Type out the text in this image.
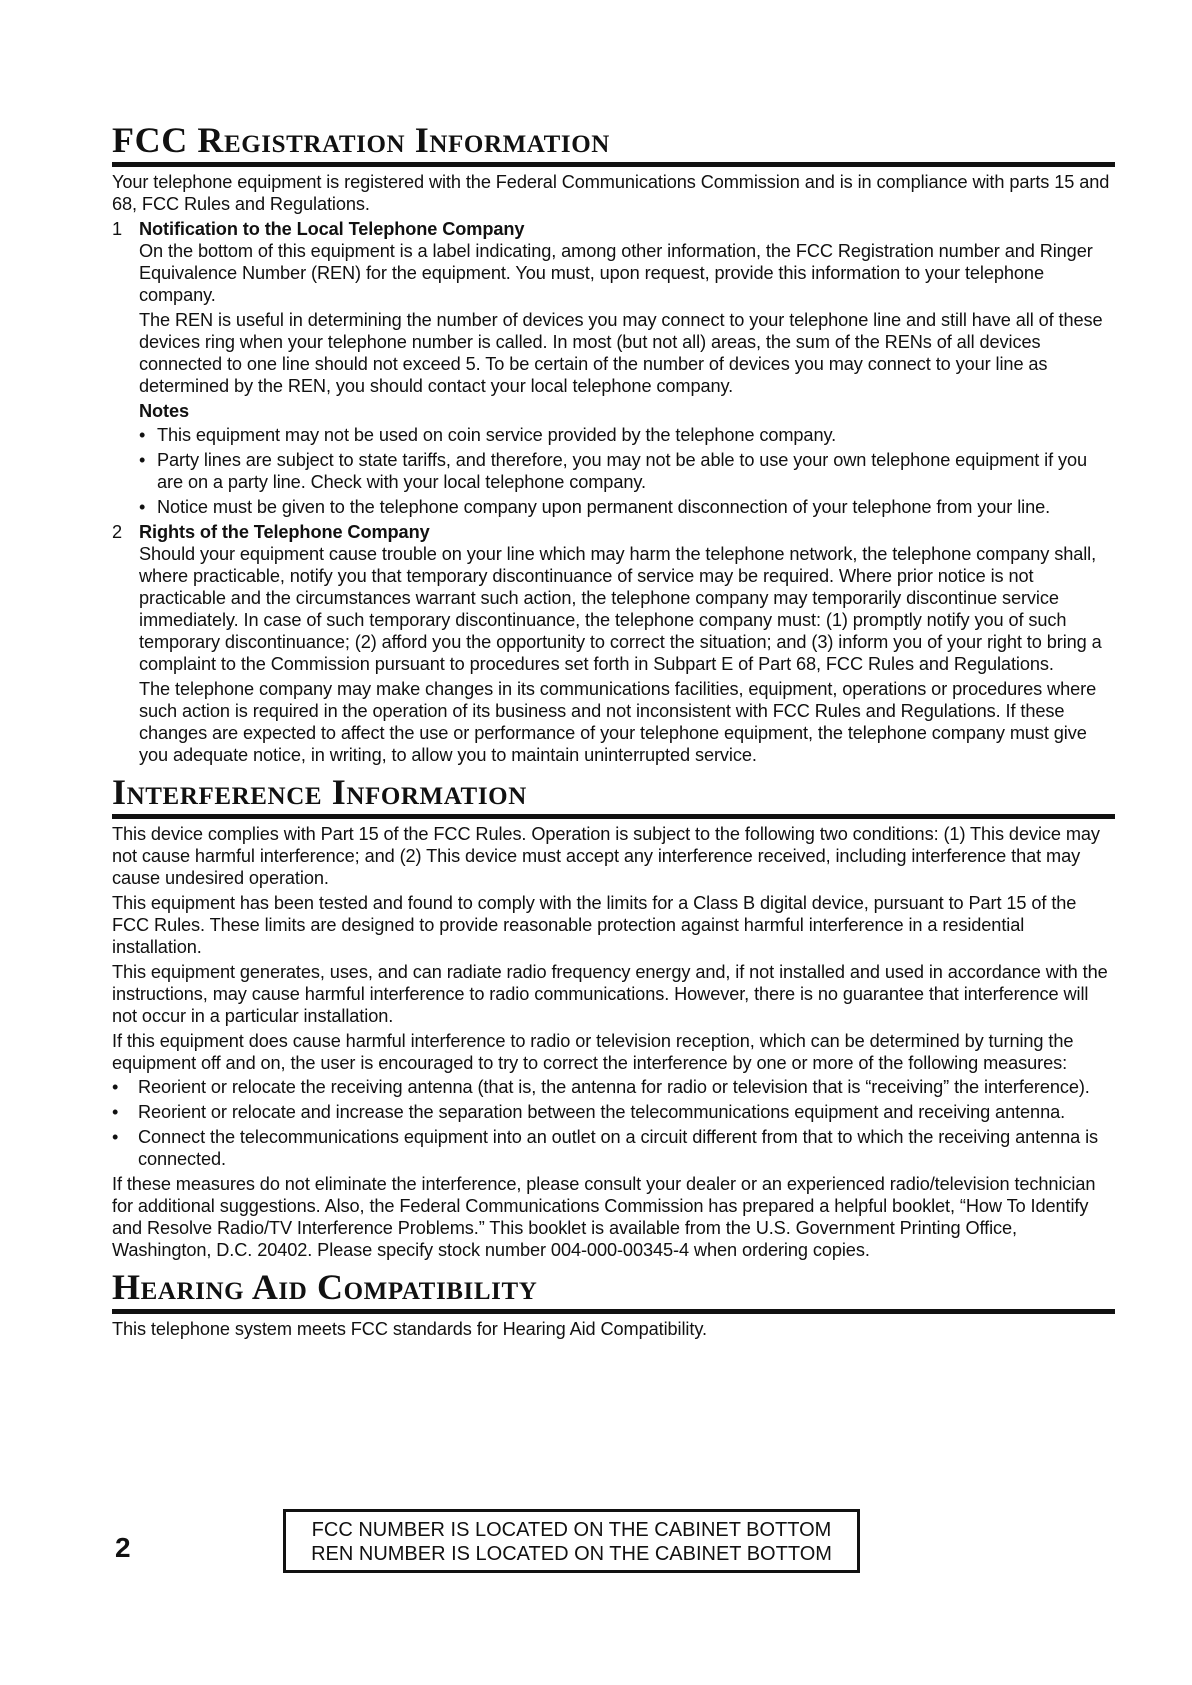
FCC Registration Information

Your telephone equipment is registered with the Federal Communications Commission and is in compliance with parts 15 and 68, FCC Rules and Regulations.

1 Notification to the Local Telephone Company

On the bottom of this equipment is a label indicating, among other information, the FCC Registration number and Ringer Equivalence Number (REN) for the equipment. You must, upon request, provide this information to your telephone company.

The REN is useful in determining the number of devices you may connect to your telephone line and still have all of these devices ring when your telephone number is called. In most (but not all) areas, the sum of the RENs of all devices connected to one line should not exceed 5. To be certain of the number of devices you may connect to your line as determined by the REN, you should contact your local telephone company.

Notes
• This equipment may not be used on coin service provided by the telephone company.
• Party lines are subject to state tariffs, and therefore, you may not be able to use your own telephone equipment if you are on a party line. Check with your local telephone company.
• Notice must be given to the telephone company upon permanent disconnection of your telephone from your line.
2 Rights of the Telephone Company

Should your equipment cause trouble on your line which may harm the telephone network, the telephone company shall, where practicable, notify you that temporary discontinuance of service may be required. Where prior notice is not practicable and the circumstances warrant such action, the telephone company may temporarily discontinue service immediately. In case of such temporary discontinuance, the telephone company must: (1) promptly notify you of such temporary discontinuance; (2) afford you the opportunity to correct the situation; and (3) inform you of your right to bring a complaint to the Commission pursuant to procedures set forth in Subpart E of Part 68, FCC Rules and Regulations.

The telephone company may make changes in its communications facilities, equipment, operations or procedures where such action is required in the operation of its business and not inconsistent with FCC Rules and Regulations. If these changes are expected to affect the use or performance of your telephone equipment, the telephone company must give you adequate notice, in writing, to allow you to maintain uninterrupted service.

Interference Information

This device complies with Part 15 of the FCC Rules. Operation is subject to the following two conditions: (1) This device may not cause harmful interference; and (2) This device must accept any interference received, including interference that may cause undesired operation.

This equipment has been tested and found to comply with the limits for a Class B digital device, pursuant to Part 15 of the FCC Rules. These limits are designed to provide reasonable protection against harmful interference in a residential installation.

This equipment generates, uses, and can radiate radio frequency energy and, if not installed and used in accordance with the instructions, may cause harmful interference to radio communications. However, there is no guarantee that interference will not occur in a particular installation.

If this equipment does cause harmful interference to radio or television reception, which can be determined by turning the equipment off and on, the user is encouraged to try to correct the interference by one or more of the following measures:

• Reorient or relocate the receiving antenna (that is, the antenna for radio or television that is “receiving” the interference).
• Reorient or relocate and increase the separation between the telecommunications equipment and receiving antenna.
• Connect the telecommunications equipment into an outlet on a circuit different from that to which the receiving antenna is connected.

If these measures do not eliminate the interference, please consult your dealer or an experienced radio/television technician for additional suggestions. Also, the Federal Communications Commission has prepared a helpful booklet, “How To Identify and Resolve Radio/TV Interference Problems.” This booklet is available from the U.S. Government Printing Office, Washington, D.C. 20402. Please specify stock number 004-000-00345-4 when ordering copies.

Hearing Aid Compatibility

This telephone system meets FCC standards for Hearing Aid Compatibility.

2
FCC NUMBER IS LOCATED ON THE CABINET BOTTOM
REN NUMBER IS LOCATED ON THE CABINET BOTTOM
